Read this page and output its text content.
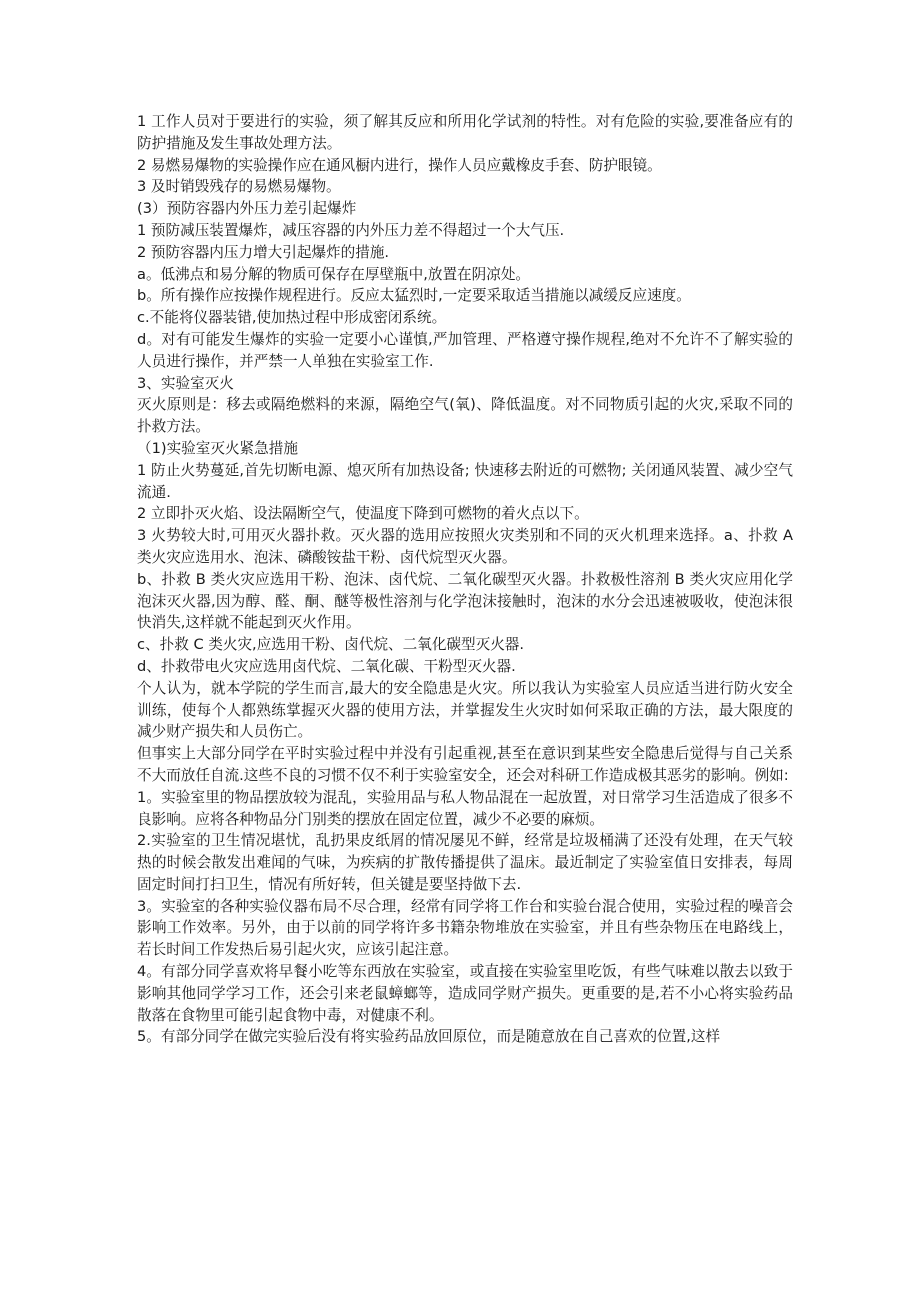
1 工作人员对于要进行的实验，须了解其反应和所用化学试剂的特性。对有危险的实验,要准备应有的防护措施及发生事故处理方法。

2 易燃易爆物的实验操作应在通风橱内进行，操作人员应戴橡皮手套、防护眼镜。

3 及时销毁残存的易燃易爆物。

(3）预防容器内外压力差引起爆炸

1 预防减压装置爆炸，减压容器的内外压力差不得超过一个大气压.

2 预防容器内压力增大引起爆炸的措施.

a。低沸点和易分解的物质可保存在厚壁瓶中,放置在阴凉处。

b。所有操作应按操作规程进行。反应太猛烈时,一定要采取适当措施以减缓反应速度。

c.不能将仪器装错,使加热过程中形成密闭系统。

d。对有可能发生爆炸的实验一定要小心谨慎,严加管理、严格遵守操作规程,绝对不允许不了解实验的人员进行操作，并严禁一人单独在实验室工作.

3、实验室灭火

灭火原则是：移去或隔绝燃料的来源，隔绝空气(氧)、降低温度。对不同物质引起的火灾,采取不同的扑救方法。

（1)实验室灭火紧急措施

1 防止火势蔓延,首先切断电源、熄灭所有加热设备; 快速移去附近的可燃物; 关闭通风装置、减少空气流通.

2 立即扑灭火焰、设法隔断空气，使温度下降到可燃物的着火点以下。

3 火势较大时,可用灭火器扑救。灭火器的选用应按照火灾类别和不同的灭火机理来选择。a、扑救 A 类火灾应选用水、泡沫、磷酸铵盐干粉、卤代烷型灭火器。

b、扑救 B 类火灾应选用干粉、泡沫、卤代烷、二氧化碳型灭火器。扑救极性溶剂 B 类火灾应用化学泡沫灭火器,因为醇、醛、酮、醚等极性溶剂与化学泡沫接触时，泡沫的水分会迅速被吸收，使泡沫很快消失,这样就不能起到灭火作用。

c、扑救 C 类火灾,应选用干粉、卤代烷、二氧化碳型灭火器.

d、扑救带电火灾应选用卤代烷、二氧化碳、干粉型灭火器.

个人认为，就本学院的学生而言,最大的安全隐患是火灾。所以我认为实验室人员应适当进行防火安全训练，使每个人都熟练掌握灭火器的使用方法，并掌握发生火灾时如何采取正确的方法，最大限度的减少财产损失和人员伤亡。

但事实上大部分同学在平时实验过程中并没有引起重视,甚至在意识到某些安全隐患后觉得与自己关系不大而放任自流.这些不良的习惯不仅不利于实验室安全，还会对科研工作造成极其恶劣的影响。例如:

1。实验室里的物品摆放较为混乱，实验用品与私人物品混在一起放置，对日常学习生活造成了很多不良影响。应将各种物品分门别类的摆放在固定位置，减少不必要的麻烦。

2.实验室的卫生情况堪忧，乱扔果皮纸屑的情况屡见不鲜，经常是垃圾桶满了还没有处理，在天气较热的时候会散发出难闻的气味，为疾病的扩散传播提供了温床。最近制定了实验室值日安排表，每周固定时间打扫卫生，情况有所好转，但关键是要坚持做下去.

3。实验室的各种实验仪器布局不尽合理，经常有同学将工作台和实验台混合使用，实验过程的噪音会影响工作效率。另外，由于以前的同学将许多书籍杂物堆放在实验室，并且有些杂物压在电路线上，若长时间工作发热后易引起火灾，应该引起注意。

4。有部分同学喜欢将早餐小吃等东西放在实验室，或直接在实验室里吃饭，有些气味难以散去以致于影响其他同学学习工作，还会引来老鼠蟑螂等，造成同学财产损失。更重要的是,若不小心将实验药品散落在食物里可能引起食物中毒，对健康不利。

5。有部分同学在做完实验后没有将实验药品放回原位，而是随意放在自己喜欢的位置,这样
